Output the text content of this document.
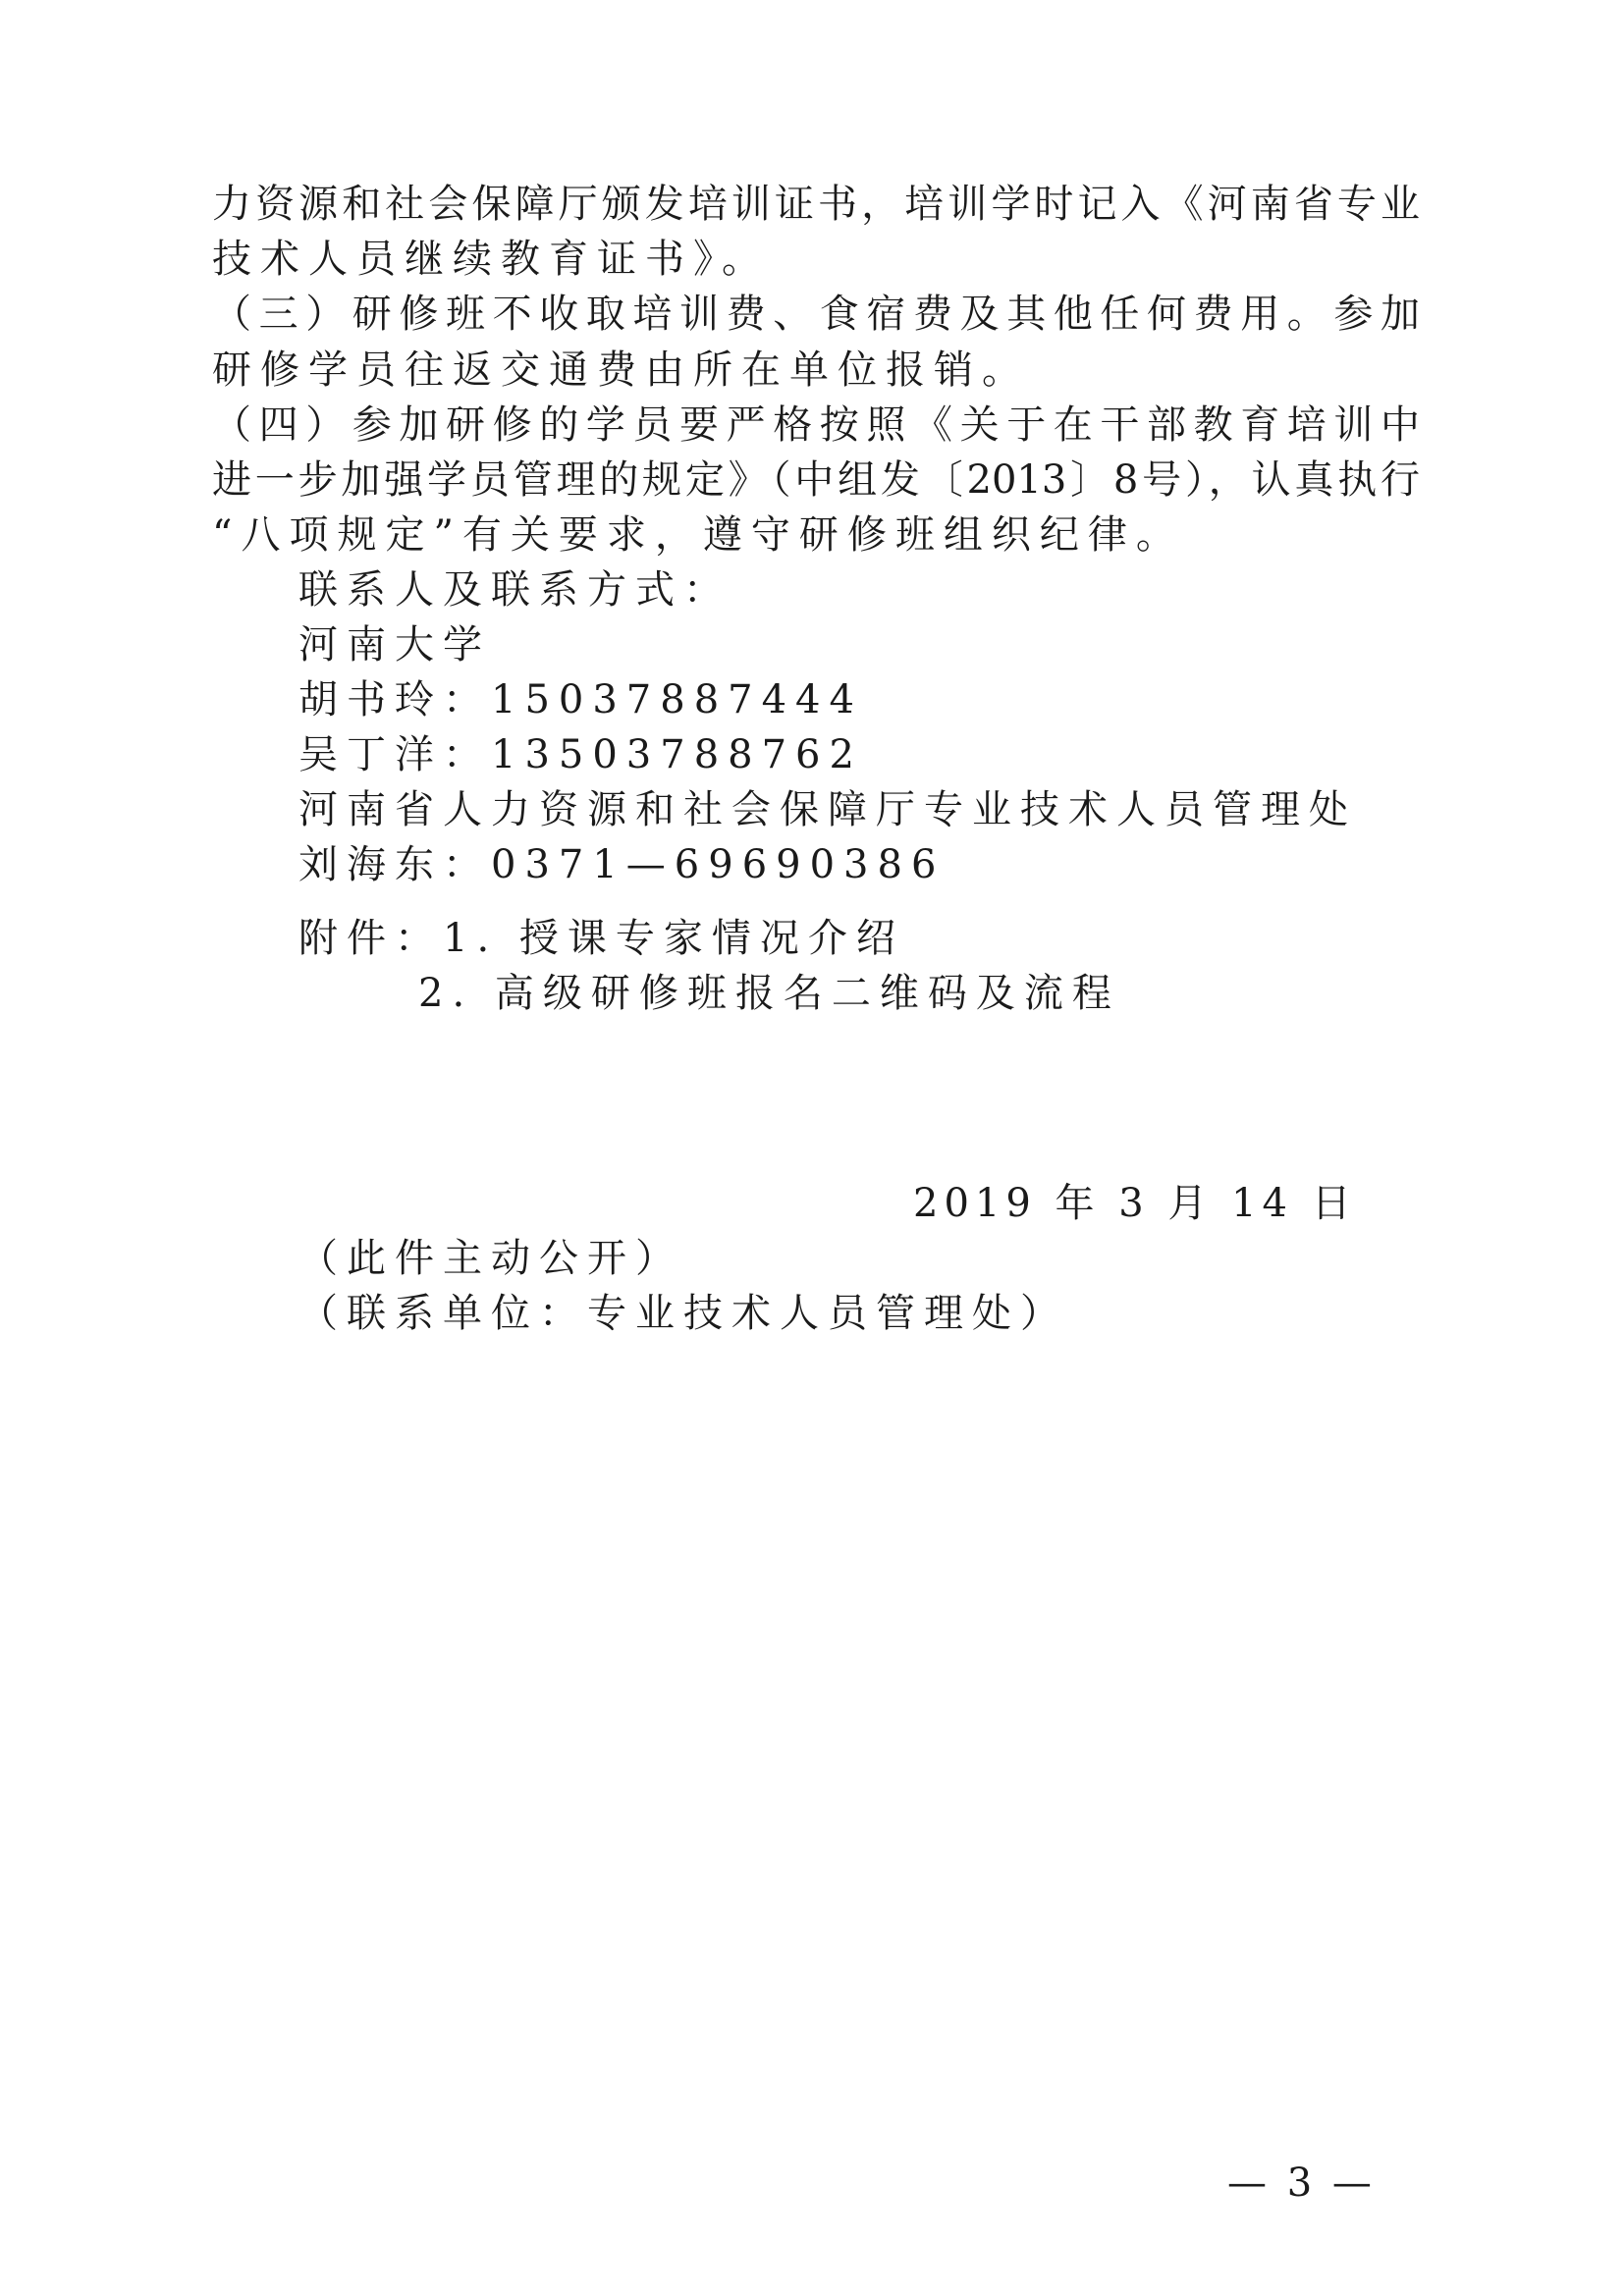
力资源和社会保障厅颁发培训证书，培训学时记入《河南省专业
技术人员继续教育证书》。
（三）研修班不收取培训费、食宿费及其他任何费用。参加
研修学员往返交通费由所在单位报销。
（四）参加研修的学员要严格按照《关于在干部教育培训中
进一步加强学员管理的规定》（中组发〔2013〕8号），认真执行
“八项规定”有关要求，遵守研修班组织纪律。
联系人及联系方式：
河南大学
胡书玲：15037887444
吴丁洋：13503788762
河南省人力资源和社会保障厅专业技术人员管理处
刘海东：0371—69690386
附件：1. 授课专家情况介绍
2. 高级研修班报名二维码及流程
2019 年 3 月 14 日
（此件主动公开）
（联系单位：专业技术人员管理处）
— 3 —
